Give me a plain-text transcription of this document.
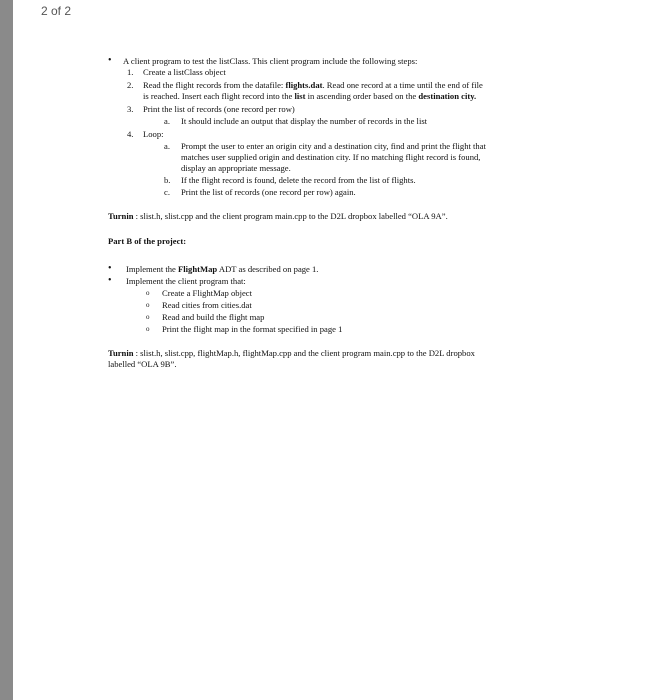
2 of 2
• A client program to test the listClass. This client program include the following steps:
1. Create a listClass object
2. Read the flight records from the datafile: flights.dat. Read one record at a time until the end of file
is reached. Insert each flight record into the list in ascending order based on the destination city.
3. Print the list of records (one record per row)
a. It should include an output that display the number of records in the list
4. Loop:
a. Prompt the user to enter an origin city and a destination city, find and print the flight that
matches user supplied origin and destination city. If no matching flight record is found,
display an appropriate message.
b. If the flight record is found, delete the record from the list of flights.
c. Print the list of records (one record per row) again.
Turnin : slist.h, slist.cpp and the client program main.cpp to the D2L dropbox labelled “OLA 9A”.
Part B of the project:
• Implement the FlightMap ADT as described on page 1.
• Implement the client program that:
o Create a FlightMap object
o Read cities from cities.dat
o Read and build the flight map
o Print the flight map in the format specified in page 1
Turnin : slist.h, slist.cpp, flightMap.h, flightMap.cpp and the client program main.cpp to the D2L dropbox
labelled “OLA 9B”.
